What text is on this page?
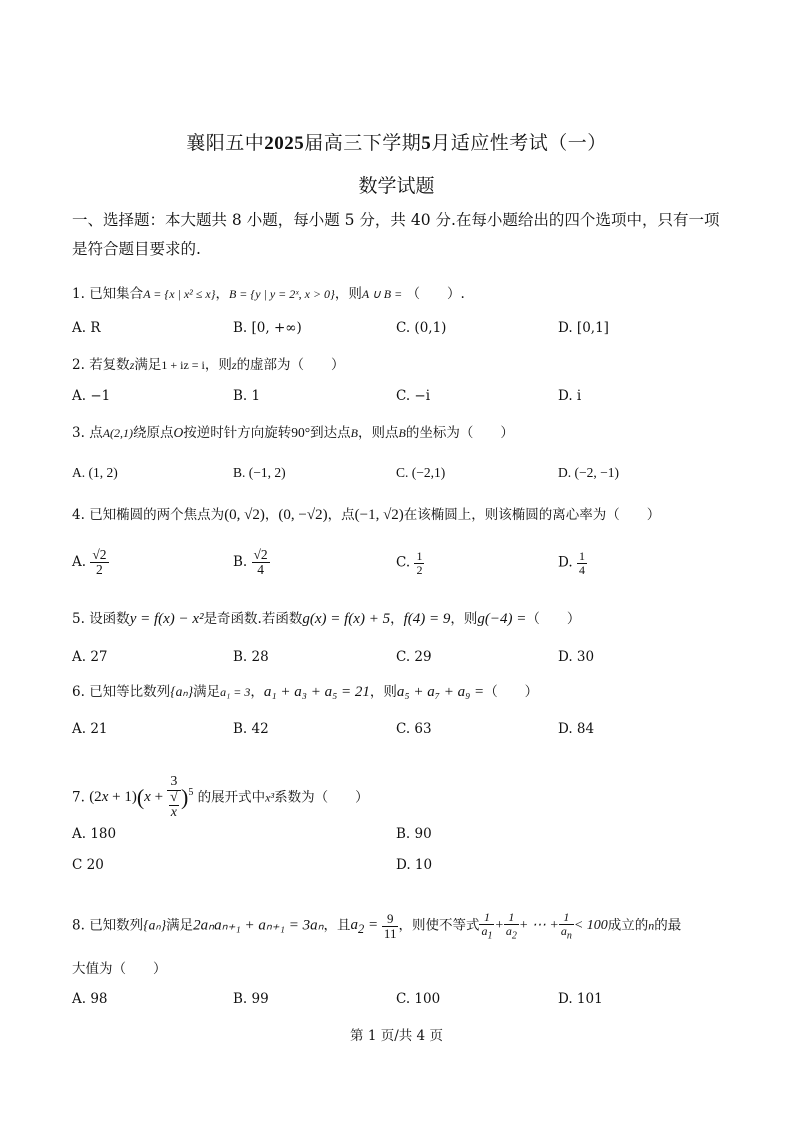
襄阳五中2025届高三下学期5月适应性考试（一）
数学试题
一、选择题：本大题共 8 小题，每小题 5 分，共 40 分.在每小题给出的四个选项中，只有一项是符合题目要求的.
1. 已知集合A = {x | x² ≤ x}，B = {y | y = 2ˣ, x > 0}，则A ∪ B = （　　）.
A. R	B. [0, +∞)	C. (0,1)	D. [0,1]
2. 若复数z满足1 + iz = i，则z的虚部为（　　）
A. −1	B. 1	C. −i	D. i
3. 点A(2,1)绕原点O按逆时针方向旋转90°到达点B，则点B的坐标为（　　）
A. (1, 2)	B. (−1, 2)	C. (−2,1)	D. (−2, −1)
4. 已知椭圆的两个焦点为(0, √2)，(0, −√2)，点(−1, √2)在该椭圆上，则该椭圆的离心率为（　　）
A. $\frac{√2}{2}$	B. $\frac{√2}{4}$	C. $\frac{1}{2}$	D. $\frac{1}{4}$
5. 设函数y = f(x) − x²是奇函数.若函数g(x) = f(x) + 5，f(4) = 9，则g(−4) =（　　）
A. 27	B. 28	C. 29	D. 30
6. 已知等比数列{aₙ}满足a₁ = 3，a₁ + a₃ + a₅ = 21，则a₅ + a₇ + a₉ =（　　）
A. 21	B. 42	C. 63	D. 84
7. (2x + 1)(x + 3
√
x )$^5$ 的展开式中x³系数为（　　）
A. 180	B. 90
C 20	D. 10
8. 已知数列{aₙ}满足2aₙaₙ₊₁ + aₙ₊₁ = 3aₙ，且$a_2 = \frac{9}{11}$ ，则使不等式 $\frac{1}{a_1} + \frac{1}{a_2}$ + ⋯ + $\frac{1}{a_n} < 100$成立的n的最
大值为（　　）
A. 98	B. 99	C. 100	D. 101
第 1 页/共 4 页
